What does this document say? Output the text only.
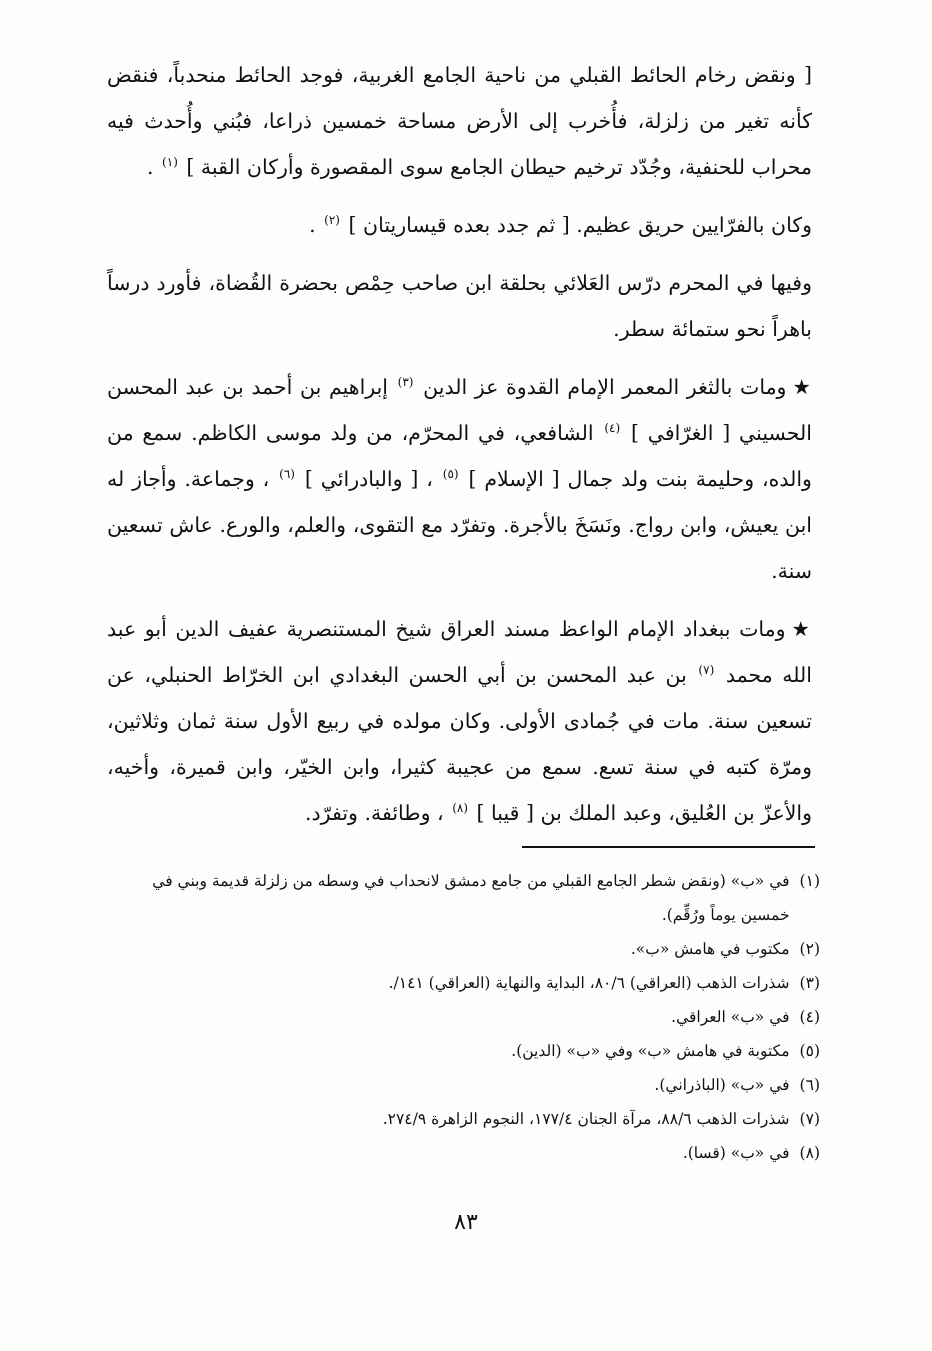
[ ونقض رخام الحائط القبلي من ناحية الجامع الغربية، فوجد الحائط منحدباً، فنقض كأنه تغير من زلزلة، فأُخرب إلى الأرض مساحة خمسين ذراعا، فبُني وأُحدث فيه محراب للحنفية، وجُدّد ترخيم حيطان الجامع سوى المقصورة وأركان القبة ] $^{(١)}$ .

وكان بالفرّايين حريق عظيم. [ ثم جدد بعده قيساريتان ] $^{(٢)}$ .

وفيها في المحرم درّس العَلائي بحلقة ابن صاحب حِمْص بحضرة القُضاة، فأورد درساً باهراً نحو ستمائة سطر.

★ومات بالثغر المعمر الإمام القدوة عز الدين $^{(٣)}$ إبراهيم بن أحمد بن عبد المحسن الحسيني [ الغرّافي ] $^{(٤)}$ الشافعي، في المحرّم، من ولد موسى الكاظم. سمع من والده، وحليمة بنت ولد جمال [ الإسلام ] $^{(٥)}$ ، [ والبادرائي ] $^{(٦)}$ ، وجماعة. وأجاز له ابن يعيش، وابن رواج. ونَسَخَ بالأجرة. وتفرّد مع التقوى، والعلم، والورع. عاش تسعين سنة.

★ومات ببغداد الإمام الواعظ مسند العراق شيخ المستنصرية عفيف الدين أبو عبد الله محمد $^{(٧)}$ بن عبد المحسن بن أبي الحسن البغدادي ابن الخرّاط الحنبلي، عن تسعين سنة. مات في جُمادى الأولى. وكان مولده في ربيع الأول سنة ثمان وثلاثين، ومرّة كتبه في سنة تسع. سمع من عجيبة كثيرا، وابن الخيّر، وابن قميرة، وأخيه، والأعزّ بن العُليق، وعبد الملك بن [ قيبا ] $^{(٨)}$ ، وطائفة. وتفرّد.

(١)
في «ب» (ونقض شطر الجامع القبلي من جامع دمشق لانحداب في وسطه من زلزلة قديمة وبني في خمسين يوماً ورُقِّم).
(٢)
مكتوب في هامش «ب».
(٣)
شذرات الذهب (العراقي) ٨٠/٦، البداية والنهاية (العراقي) ١٤١/.
(٤)
في «ب» العراقي.
(٥)
مكتوبة في هامش «ب» وفي «ب» (الدين).
(٦)
في «ب» (الباذراني).
(٧)
شذرات الذهب ٨٨/٦، مرآة الجنان ١٧٧/٤، النجوم الزاهرة ٢٧٤/٩.
(٨)
في «ب» (قسا).
٨٣
